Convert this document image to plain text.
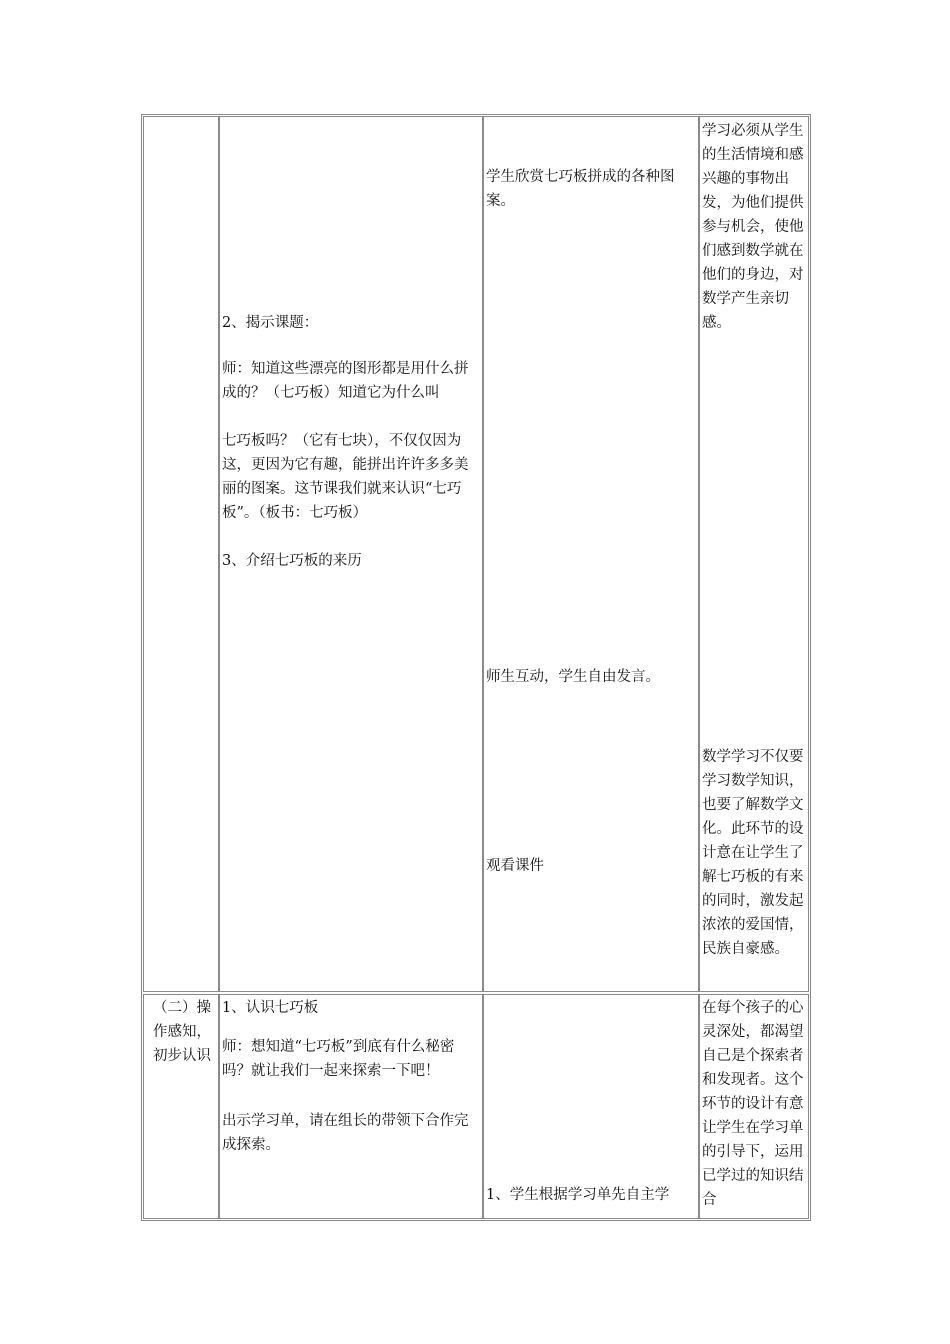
2、揭示课题：

师：知道这些漂亮的图形都是用什么拼成的？（七巧板）知道它为什么叫

七巧板吗？（它有七块），不仅仅因为这，更因为它有趣，能拼出许许多多美丽的图案。这节课我们就来认识“七巧板”。（板书：七巧板）

3、介绍七巧板的来历

学生欣赏七巧板拼成的各种图案。

师生互动，学生自由发言。

观看课件

学习必须从学生的生活情境和感兴趣的事物出发，为他们提供参与机会，使他们感到数学就在他们的身边，对数学产生亲切感。

数学学习不仅要学习数学知识，也要了解数学文化。此环节的设计意在让学生了解七巧板的有来的同时，激发起浓浓的爱国情，民族自豪感。

（二）操作感知，初步认识

1、认识七巧板

师：想知道“七巧板”到底有什么秘密吗？就让我们一起来探索一下吧！

出示学习单，请在组长的带领下合作完成探索。

1、学生根据学习单先自主学

在每个孩子的心灵深处，都渴望自己是个探索者和发现者。这个环节的设计有意让学生在学习单的引导下，运用已学过的知识结合
